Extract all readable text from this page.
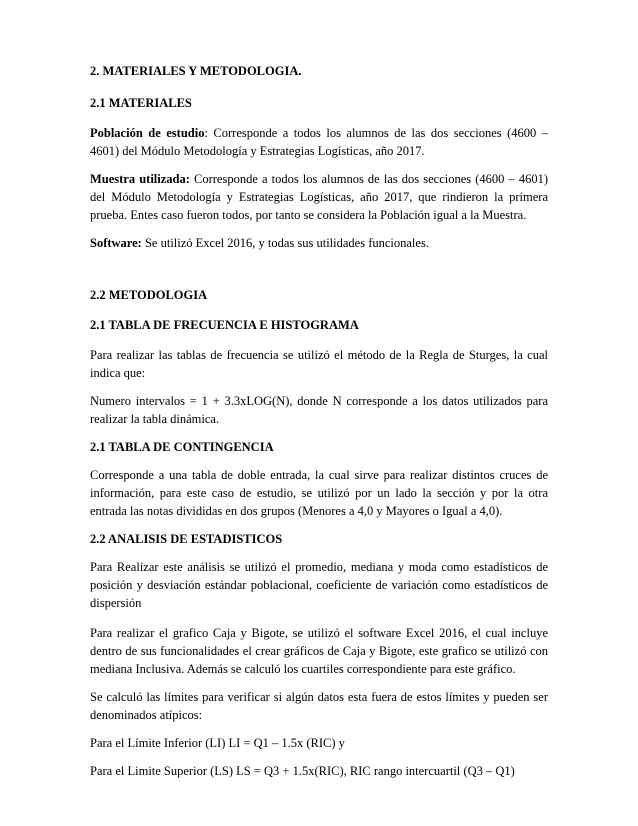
2. MATERIALES Y METODOLOGIA.
2.1 MATERIALES

Población de estudio: Corresponde a todos los alumnos de las dos secciones (4600 – 4601) del Módulo Metodología y Estrategias Logísticas, año 2017.

Muestra utilizada: Corresponde a todos los alumnos de las dos secciones (4600 – 4601) del Módulo Metodología y Estrategias Logísticas, año 2017, que rindieron la primera prueba. Entes caso fueron todos, por tanto se considera la Población igual a la Muestra.

Software: Se utilizó Excel 2016, y todas sus utilidades funcionales.

2.2 METODOLOGIA
2.1 TABLA DE FRECUENCIA E HISTOGRAMA

Para realizar las tablas de frecuencia se utilizó el método de la Regla de Sturges, la cual indica que:

Numero intervalos = 1 + 3.3xLOG(N), donde N corresponde a los datos utilizados para realizar la tabla dinámica.

2.1 TABLA DE CONTINGENCIA

Corresponde a una tabla de doble entrada, la cual sirve para realizar distintos cruces de información, para este caso de estudio, se utilizó por un lado la sección y por la otra entrada las notas divididas en dos grupos (Menores a 4,0 y Mayores o Igual a 4,0).

2.2 ANALISIS DE ESTADISTICOS

Para Realizar este análisis se utilizó el promedio, mediana y moda como estadísticos de posición y desviación estándar poblacional, coeficiente de variación como estadísticos de dispersión

Para realizar el grafico Caja y Bigote, se utilizó el software Excel 2016, el cual incluye dentro de sus funcionalidades el crear gráficos de Caja y Bigote, este grafico se utilizó con mediana Inclusiva. Además se calculó los cuartiles correspondiente para este gráfico.

Se calculó las límites para verificar si algún datos esta fuera de estos límites y pueden ser denominados atípicos:

Para el Límite Inferior (LI) LI = Q1 – 1.5x (RIC) y

Para el Limite Superior (LS) LS = Q3 + 1.5x(RIC), RIC rango intercuartil (Q3 – Q1)
